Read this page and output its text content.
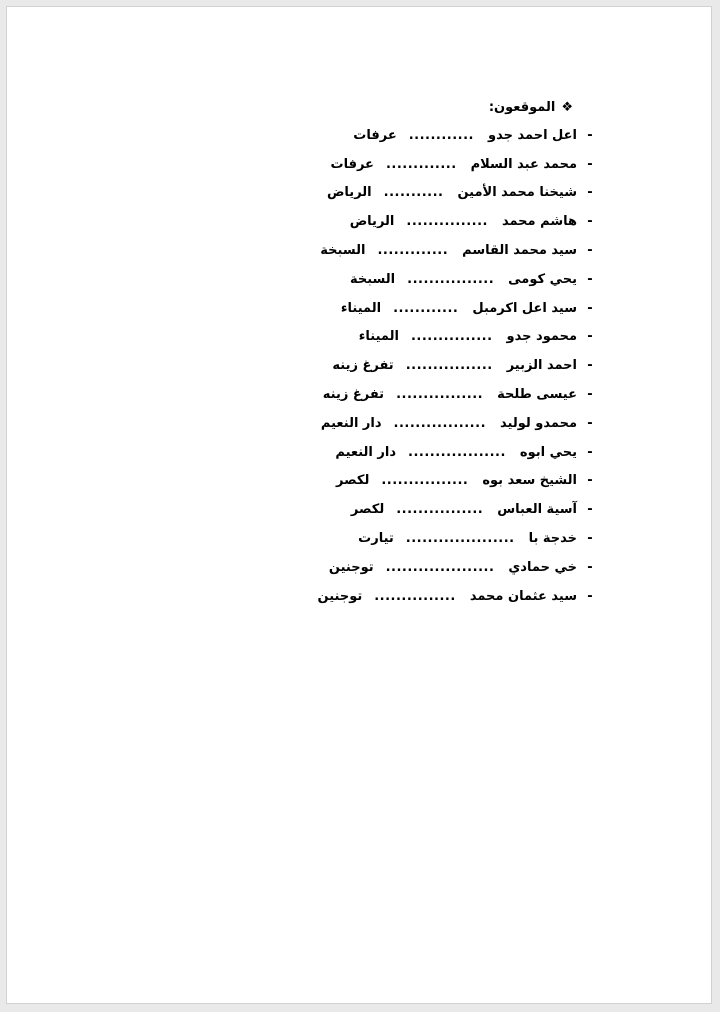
❖
الموقعون:
-
اعل احمد جدو
............
عرفات
-
محمد عبد السلام
.............
عرفات
-
شيخنا محمد الأمين
...........
الرياض
-
هاشم محمد
...............
الرياض
-
سيد محمد القاسم
.............
السبخة
-
يحي كومى
................
السبخة
-
سيد اعل اكرمبل
............
الميناء
-
محمود جدو
...............
الميناء
-
احمد الزبير
................
تفرغ زينه
-
عيسى طلحة
................
تفرغ زينه
-
محمدو لوليد
.................
دار النعيم
-
يحي ابوه
..................
دار النعيم
-
الشيخ سعد بوه
................
لكصر
-
آسية العباس
................
لكصر
-
خدجة با
....................
تيارت
-
خي حمادي
....................
توجنين
-
سيد عثمان محمد
...............
توجنين
